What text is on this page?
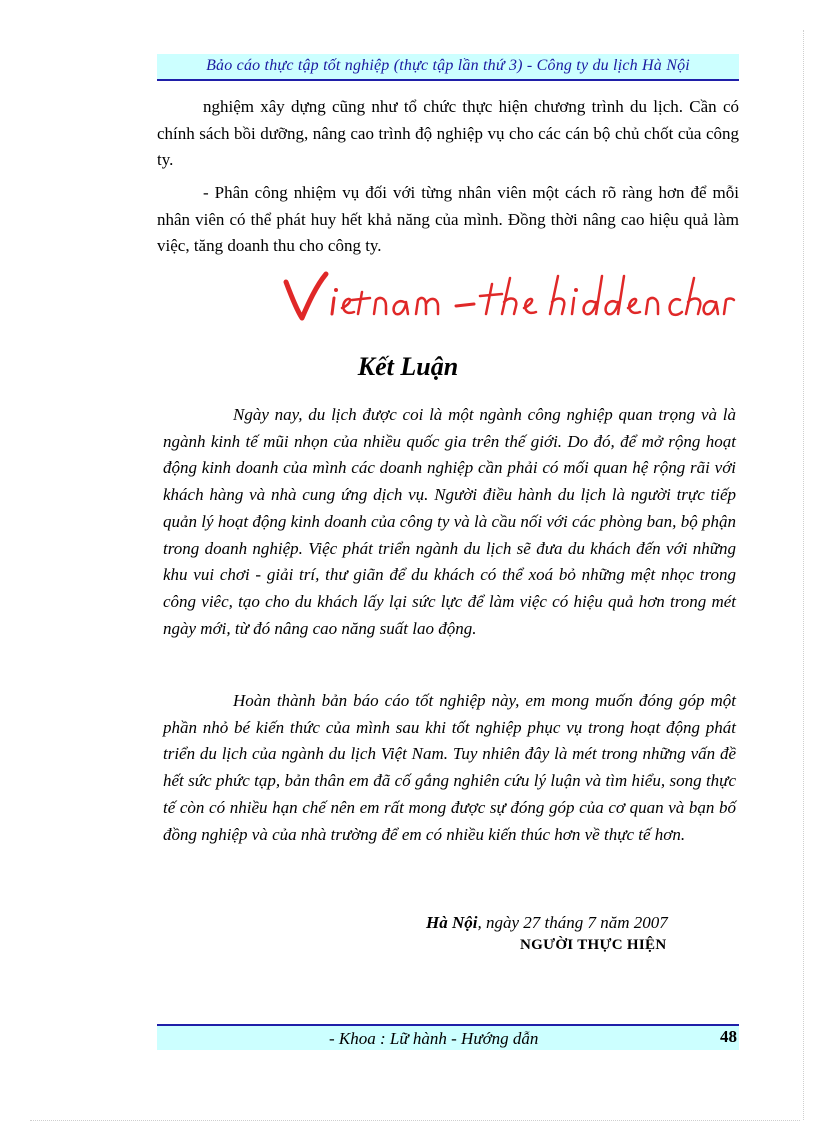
Bảo cáo thực tập tốt nghiệp (thực tập lần thứ 3) - Công ty du lịch Hà Nội
nghiệm xây dựng cũng như tổ chức thực hiện chương trình du lịch. Cần có chính sách bồi dưỡng, nâng cao trình độ nghiệp vụ cho các cán bộ chủ chốt của công ty.
- Phân công nhiệm vụ đối với từng nhân viên một cách rõ ràng hơn để mỗi nhân viên có thể phát huy hết khả năng của mình. Đồng thời nâng cao hiệu quả làm việc, tăng doanh thu cho công ty.
Kết Luận
Ngày nay, du lịch được coi là một ngành công nghiệp quan trọng và là ngành kinh tế mũi nhọn của nhiều quốc gia trên thế giới. Do đó, để mở rộng hoạt động kinh doanh của mình các doanh nghiệp cần phải có mối quan hệ rộng rãi với khách hàng và nhà cung ứng dịch vụ. Người điều hành du lịch là người trực tiếp quản lý hoạt động kinh doanh của công ty và là cầu nối với các phòng ban, bộ phận trong doanh nghiệp. Việc phát triển ngành du lịch sẽ đưa du khách đến với những khu vui chơi - giải trí, thư giãn để du khách có thể xoá bỏ những mệt nhọc trong công viêc, tạo cho du khách lấy lại sức lực để làm việc có hiệu quả hơn trong mét ngày mới, từ đó nâng cao năng suất lao động.
Hoàn thành bản báo cáo tốt nghiệp này, em mong muốn đóng góp một phần nhỏ bé kiến thức của mình sau khi tốt nghiệp phục vụ trong hoạt động phát triển du lịch của ngành du lịch Việt Nam. Tuy nhiên đây là mét trong những vấn đề hết sức phức tạp, bản thân em đã cố gắng nghiên cứu lý luận và tìm hiểu, song thực tế còn có nhiều hạn chế nên em rất mong được sự đóng góp của cơ quan và bạn bố đồng nghiệp và của nhà trường để em có nhiều kiến thúc hơn về thực tế hơn.
Hà Nội, ngày 27 tháng 7 năm 2007
NGƯỜI THỰC HIỆN
- Khoa : Lữ hành - Hướng dẫn	48
